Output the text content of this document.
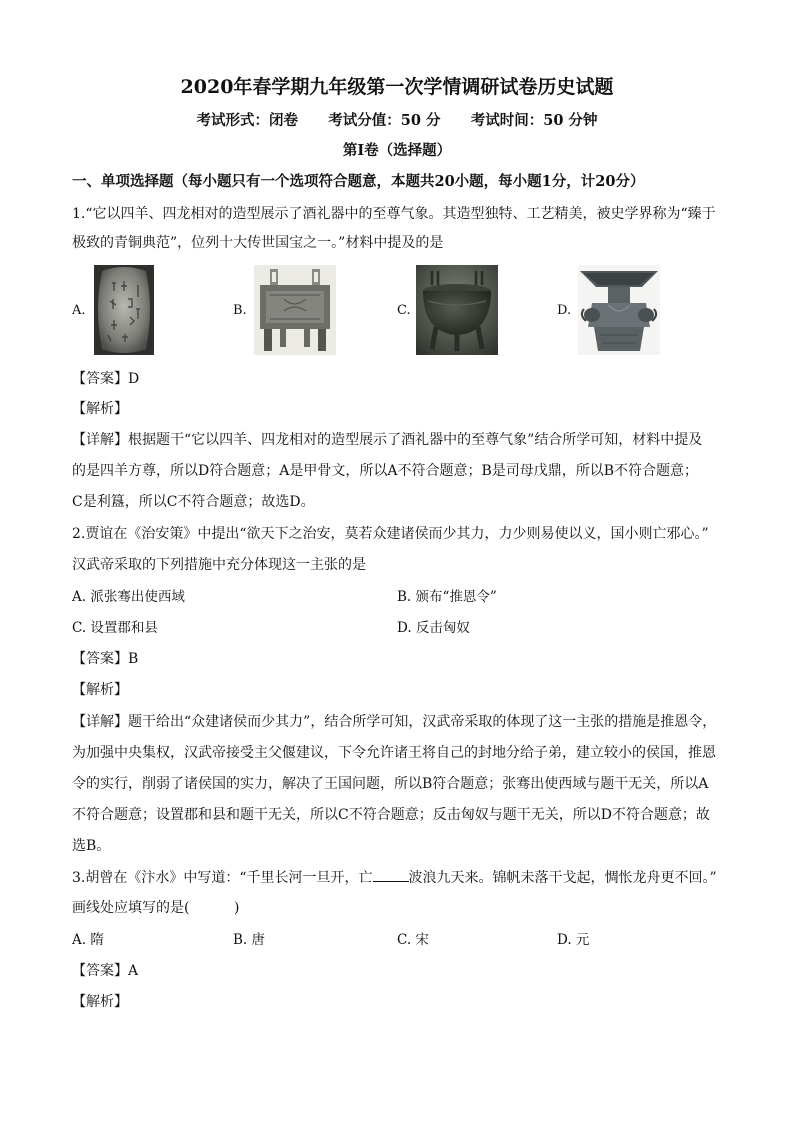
2020年春学期九年级第一次学情调研试卷历史试题
考试形式：闭卷      考试分值：50 分      考试时间：50 分钟
第Ⅰ卷（选择题）
一、单项选择题（每小题只有一个选项符合题意，本题共20小题，每小题1分，计20分）
1.“它以四羊、四龙相对的造型展示了酒礼器中的至尊气象。其造型独特、工艺精美，被史学界称为“臻于
极致的青铜典范”，位列十大传世国宝之一。”材料中提及的是
A.	B.	C.	D.
【答案】D
【解析】
【详解】根据题干“它以四羊、四龙相对的造型展示了酒礼器中的至尊气象”结合所学可知，材料中提及
的是四羊方尊，所以D符合题意；A是甲骨文，所以A不符合题意；B是司母戊鼎，所以B不符合题意；
C是利簋，所以C不符合题意；故选D。
2.贾谊在《治安策》中提出“欲天下之治安，莫若众建诸侯而少其力，力少则易使以义，国小则亡邪心。”
汉武帝采取的下列措施中充分体现这一主张的是
A. 派张骞出使西域	B. 颁布“推恩令”
C. 设置郡和县	D. 反击匈奴
【答案】B
【解析】
【详解】题干给出“众建诸侯而少其力”，结合所学可知，汉武帝采取的体现了这一主张的措施是推恩令，
为加强中央集权，汉武帝接受主父偃建议，下令允许诸王将自己的封地分给子弟，建立较小的侯国，推恩
令的实行，削弱了诸侯国的实力，解决了王国问题，所以B符合题意；张骞出使西域与题干无关，所以A
不符合题意；设置郡和县和题干无关，所以C不符合题意；反击匈奴与题干无关，所以D不符合题意；故
选B。
3.胡曾在《汴水》中写道：“千里长河一旦开，亡	波浪九天来。锦帆未落干戈起，惆怅龙舟更不回。”
画线处应填写的是(          )
A. 隋	B. 唐	C. 宋	D. 元
【答案】A
【解析】
